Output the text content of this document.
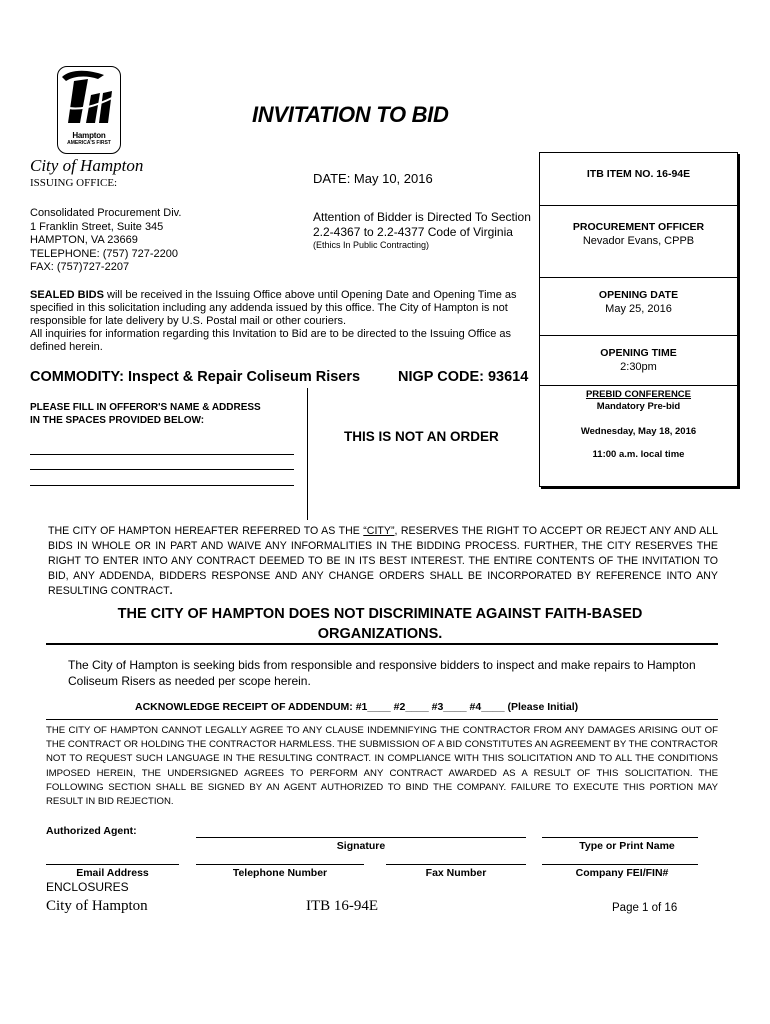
Hampton
AMERICA'S FIRST
INVITATION TO BID
City of Hampton
ISSUING OFFICE:	DATE: May 10, 2016
Consolidated Procurement Div.
1 Franklin Street, Suite 345
HAMPTON, VA 23669
TELEPHONE: (757) 727-2200
FAX: (757)727-2207
Attention of Bidder is Directed To Section
2.2-4367 to 2.2-4377 Code of Virginia
(Ethics In Public Contracting)
SEALED BIDS will be received in the Issuing Office above until Opening Date and Opening Time as specified in this solicitation including any addenda issued by this office. The City of Hampton is not responsible for late delivery by U.S. Postal mail or other couriers.
All inquiries for information regarding this Invitation to Bid are to be directed to the Issuing Office as defined herein.
COMMODITY: Inspect & Repair Coliseum Risers	NIGP CODE: 93614
PLEASE FILL IN OFFEROR'S NAME & ADDRESS
IN THE SPACES PROVIDED BELOW:
THIS IS NOT AN ORDER
ITB ITEM NO. 16-94E
PROCUREMENT OFFICER
Nevador Evans, CPPB
OPENING DATE
May 25, 2016
OPENING TIME
2:30pm
PREBID CONFERENCE
Mandatory Pre-bid
Wednesday, May 18, 2016
11:00 a.m. local time
THE CITY OF HAMPTON HEREAFTER REFERRED TO AS THE “CITY”, RESERVES THE RIGHT TO ACCEPT OR REJECT ANY AND ALL BIDS IN WHOLE OR IN PART AND WAIVE ANY INFORMALITIES IN THE BIDDING PROCESS. FURTHER, THE CITY RESERVES THE RIGHT TO ENTER INTO ANY CONTRACT DEEMED TO BE IN ITS BEST INTEREST. THE ENTIRE CONTENTS OF THE INVITATION TO BID, ANY ADDENDA, BIDDERS RESPONSE AND ANY CHANGE ORDERS SHALL BE INCORPORATED BY REFERENCE INTO ANY RESULTING CONTRACT.
THE CITY OF HAMPTON DOES NOT DISCRIMINATE AGAINST FAITH-BASED ORGANIZATIONS.
The City of Hampton is seeking bids from responsible and responsive bidders to inspect and make repairs to Hampton Coliseum Risers as needed per scope herein.
ACKNOWLEDGE RECEIPT OF ADDENDUM: #1____ #2____ #3____ #4____ (Please Initial)
THE CITY OF HAMPTON CANNOT LEGALLY AGREE TO ANY CLAUSE INDEMNIFYING THE CONTRACTOR FROM ANY DAMAGES ARISING OUT OF THE CONTRACT OR HOLDING THE CONTRACTOR HARMLESS. THE SUBMISSION OF A BID CONSTITUTES AN AGREEMENT BY THE CONTRACTOR NOT TO REQUEST SUCH LANGUAGE IN THE RESULTING CONTRACT. IN COMPLIANCE WITH THIS SOLICITATION AND TO ALL THE CONDITIONS IMPOSED HEREIN, THE UNDERSIGNED AGREES TO PERFORM ANY CONTRACT AWARDED AS A RESULT OF THIS SOLICITATION. THE FOLLOWING SECTION SHALL BE SIGNED BY AN AGENT AUTHORIZED TO BIND THE COMPANY. FAILURE TO EXECUTE THIS PORTION MAY RESULT IN BID REJECTION.
Authorized Agent:
Signature	Type or Print Name
Email Address	Telephone Number	Fax Number	Company FEI/FIN#
ENCLOSURES
City of Hampton	ITB 16-94E	Page 1 of 16
